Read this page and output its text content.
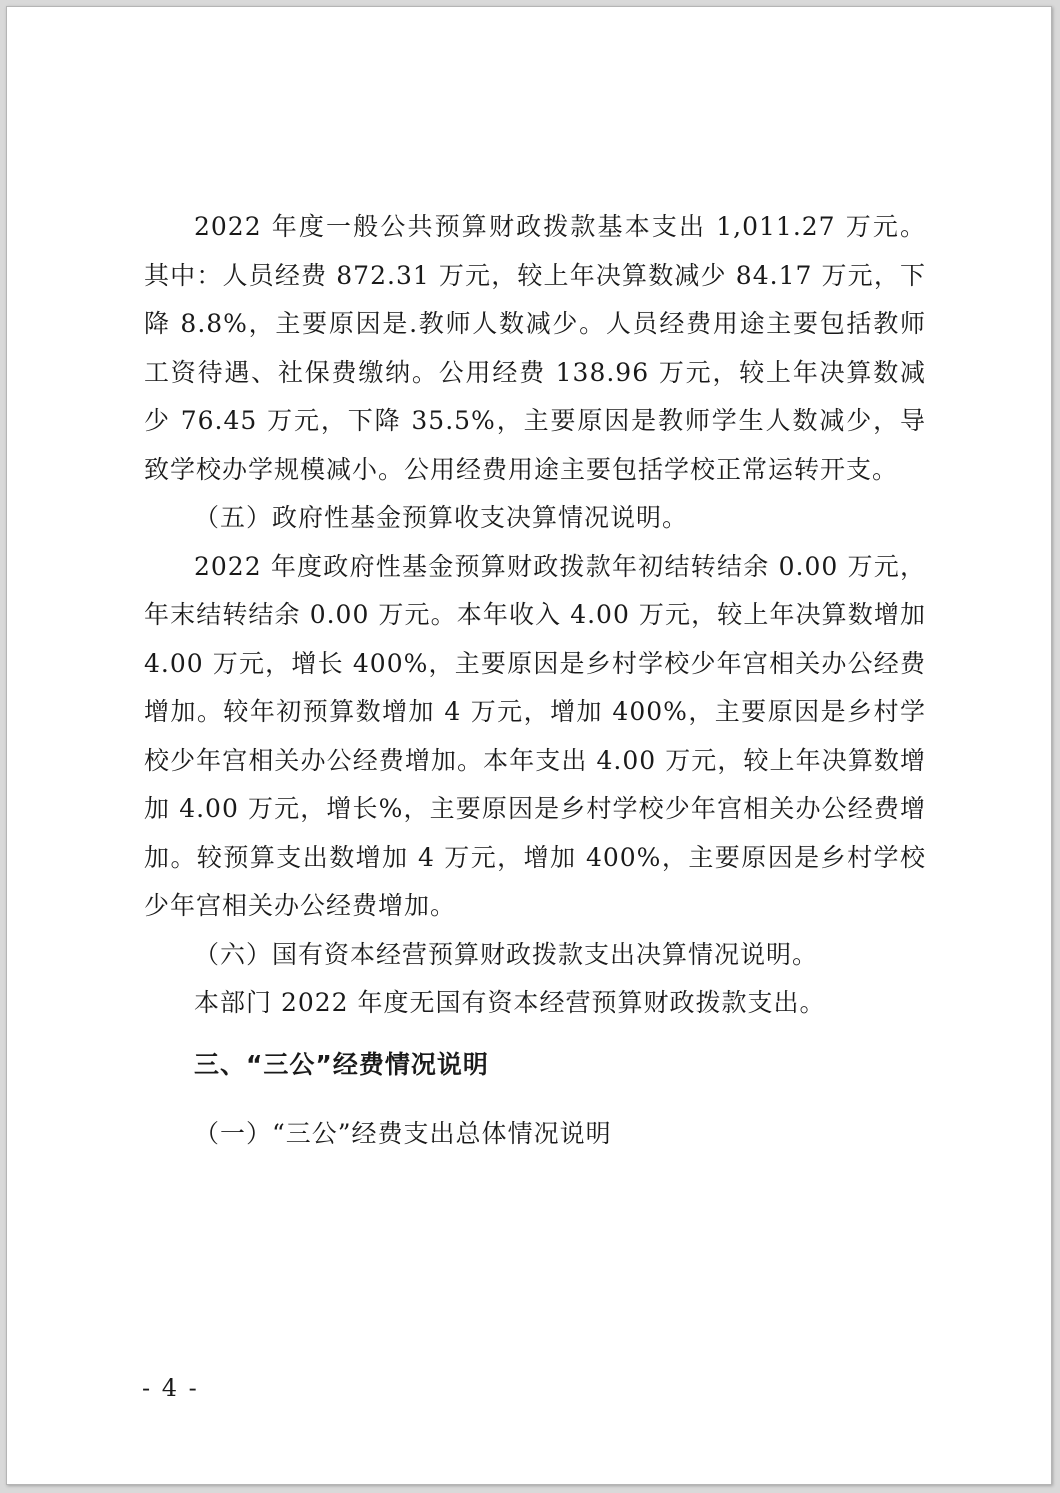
2022 年度一般公共预算财政拨款基本支出 1,011.27 万元。其中：人员经费 872.31 万元，较上年决算数减少 84.17 万元，下降 8.8%，主要原因是.教师人数减少。人员经费用途主要包括教师工资待遇、社保费缴纳。公用经费 138.96 万元，较上年决算数减少 76.45 万元，下降 35.5%，主要原因是教师学生人数减少，导致学校办学规模减小。公用经费用途主要包括学校正常运转开支。

（五）政府性基金预算收支决算情况说明。

2022 年度政府性基金预算财政拨款年初结转结余 0.00 万元，年末结转结余 0.00 万元。本年收入 4.00 万元，较上年决算数增加 4.00 万元，增长 400%，主要原因是乡村学校少年宫相关办公经费增加。较年初预算数增加 4 万元，增加 400%，主要原因是乡村学校少年宫相关办公经费增加。本年支出 4.00 万元，较上年决算数增加 4.00 万元，增长%，主要原因是乡村学校少年宫相关办公经费增加。较预算支出数增加 4 万元，增加 400%，主要原因是乡村学校少年宫相关办公经费增加。

（六）国有资本经营预算财政拨款支出决算情况说明。

本部门 2022 年度无国有资本经营预算财政拨款支出。

三、“三公”经费情况说明

（一）“三公”经费支出总体情况说明

- 4 -
